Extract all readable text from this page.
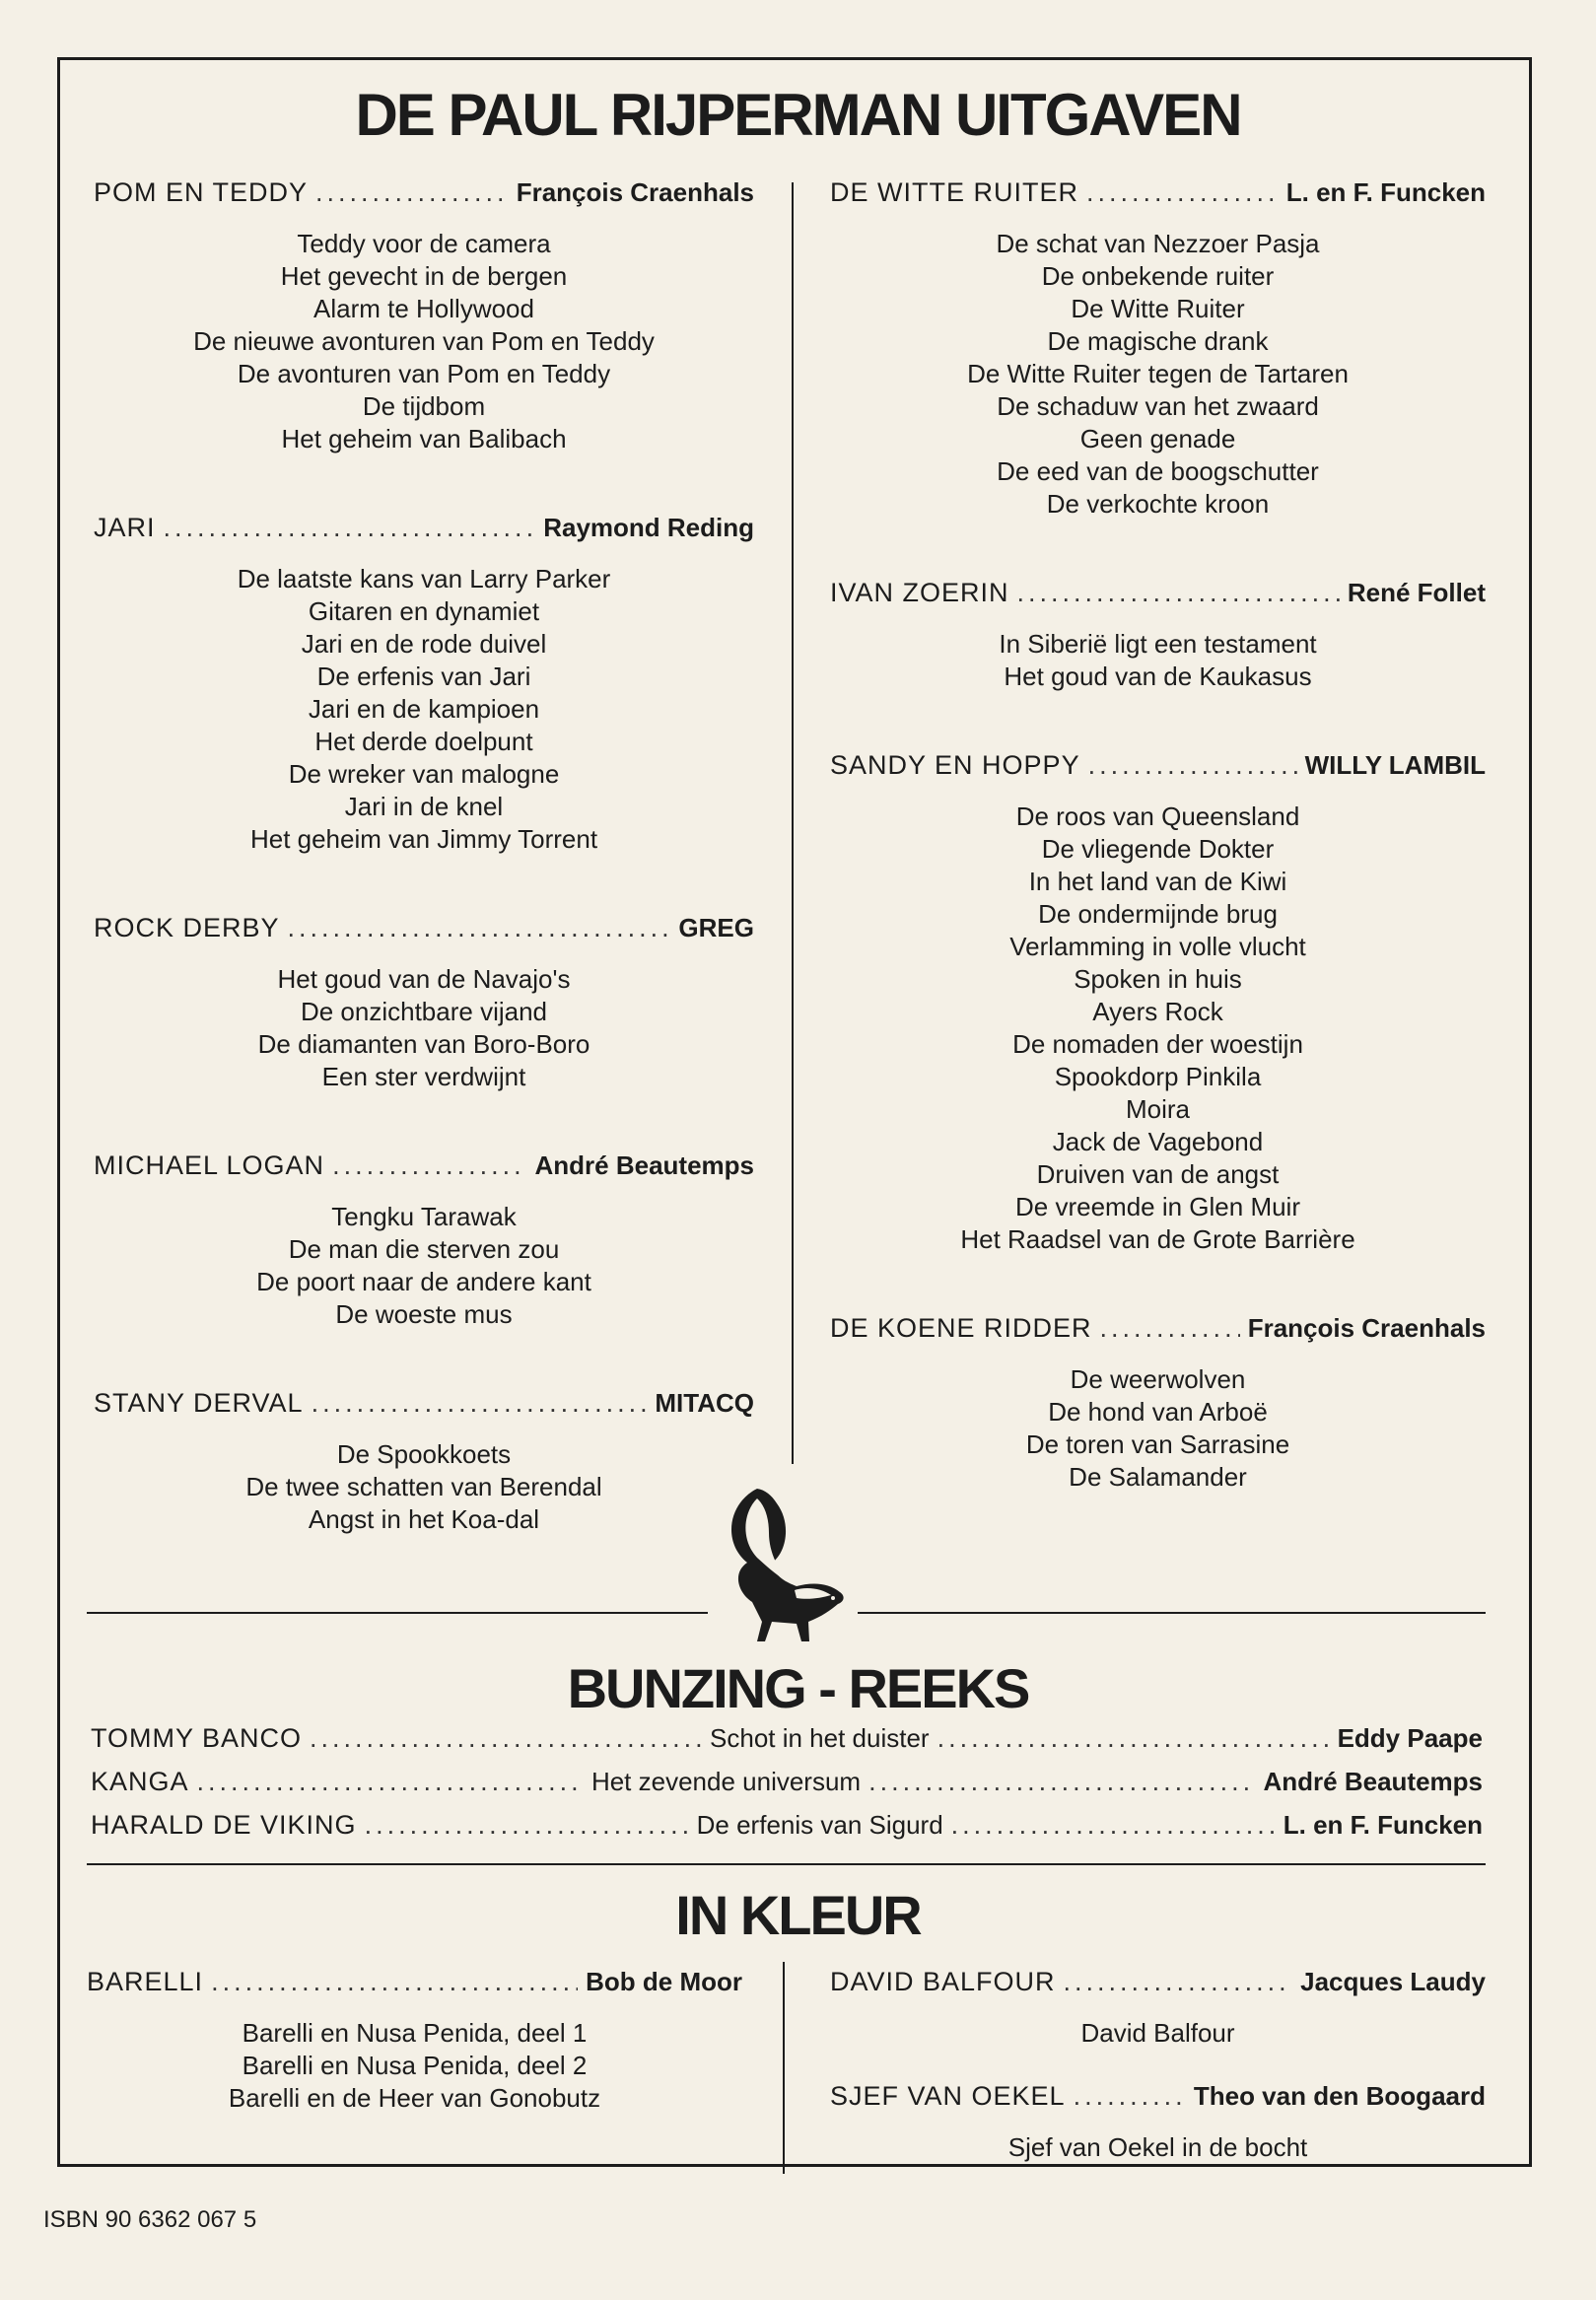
DE PAUL RIJPERMAN UITGAVEN
POM EN TEDDY .....	François Craenhals
Teddy voor de camera
Het gevecht in de bergen
Alarm te Hollywood
De nieuwe avonturen van Pom en Teddy
De avonturen van Pom en Teddy
De tijdbom
Het geheim van Balibach
JARI .....	Raymond Reding
De laatste kans van Larry Parker
Gitaren en dynamiet
Jari en de rode duivel
De erfenis van Jari
Jari en de kampioen
Het derde doelpunt
De wreker van malogne
Jari in de knel
Het geheim van Jimmy Torrent
ROCK DERBY .....	GREG
Het goud van de Navajo's
De onzichtbare vijand
De diamanten van Boro-Boro
Een ster verdwijnt
MICHAEL LOGAN .....	André Beautemps
Tengku Tarawak
De man die sterven zou
De poort naar de andere kant
De woeste mus
STANY DERVAL .....	MITACQ
De Spookkoets
De twee schatten van Berendal
Angst in het Koa-dal
DE WITTE RUITER .....	L. en F. Funcken
De schat van Nezzoer Pasja
De onbekende ruiter
De Witte Ruiter
De magische drank
De Witte Ruiter tegen de Tartaren
De schaduw van het zwaard
Geen genade
De eed van de boogschutter
De verkochte kroon
IVAN ZOERIN .....	René Follet
In Siberië ligt een testament
Het goud van de Kaukasus
SANDY EN HOPPY .....	WILLY LAMBIL
De roos van Queensland
De vliegende Dokter
In het land van de Kiwi
De ondermijnde brug
Verlamming in volle vlucht
Spoken in huis
Ayers Rock
De nomaden der woestijn
Spookdorp Pinkila
Moira
Jack de Vagebond
Druiven van de angst
De vreemde in Glen Muir
Het Raadsel van de Grote Barrière
DE KOENE RIDDER .....	François Craenhals
De weerwolven
De hond van Arboë
De toren van Sarrasine
De Salamander
BUNZING - REEKS
TOMMY BANCO .....	Schot in het duister .....	Eddy Paape
KANGA .....	Het zevende universum .....	André Beautemps
HARALD DE VIKING .....	De erfenis van Sigurd .....	L. en F. Funcken
IN KLEUR
BARELLI .....	Bob de Moor
Barelli en Nusa Penida, deel 1
Barelli en Nusa Penida, deel 2
Barelli en de Heer van Gonobutz
DAVID BALFOUR .....	Jacques Laudy
David Balfour
SJEF VAN OEKEL .....	Theo van den Boogaard
Sjef van Oekel in de bocht
ISBN 90 6362 067 5
